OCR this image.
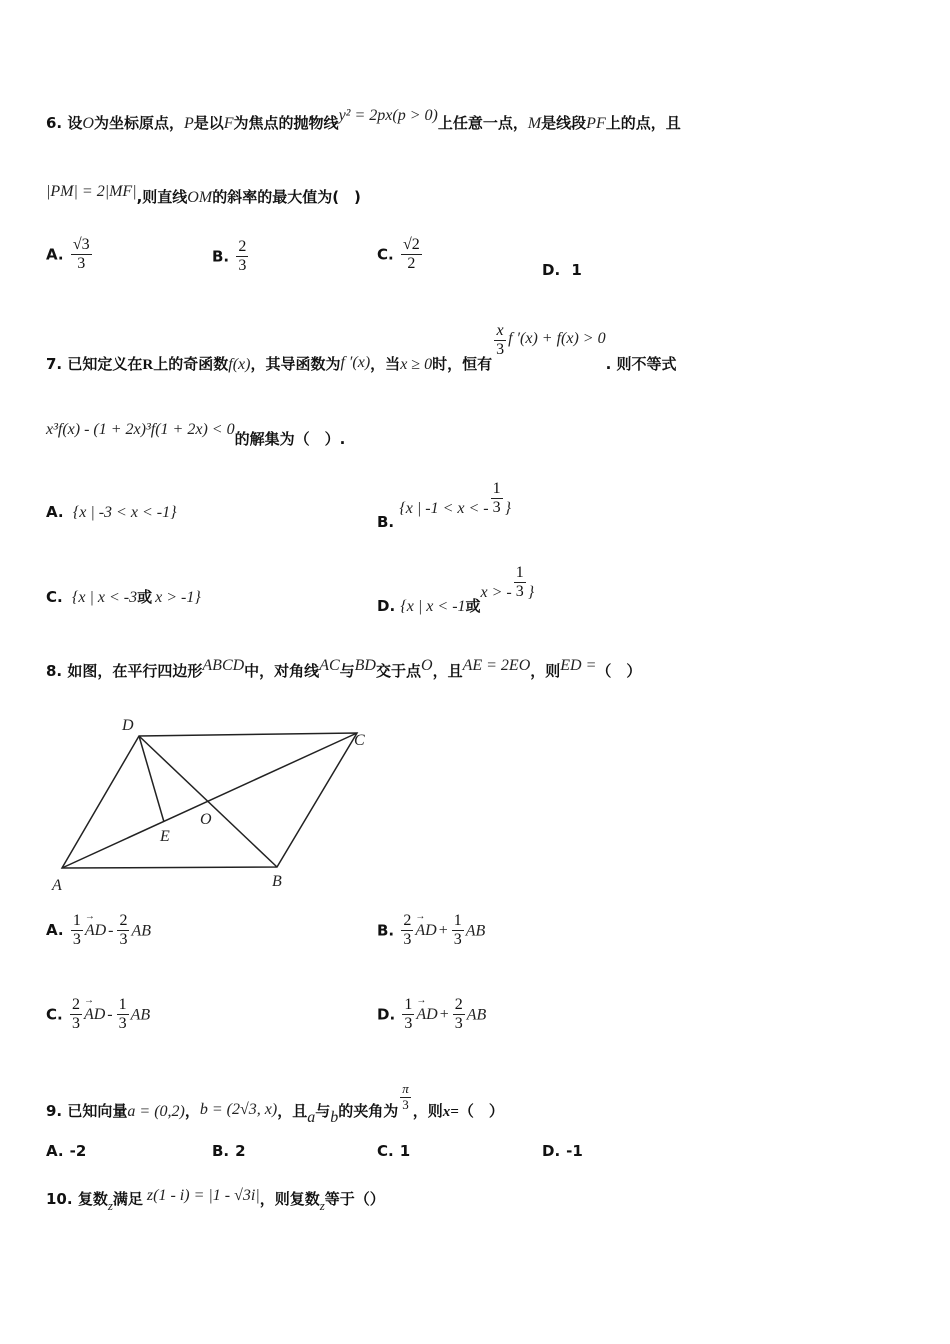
6. 设O为坐标原点，P是以F为焦点的抛物线y² = 2px(p > 0)上任意一点，M是线段PF上的点，且
|PM| = 2|MF|,则直线OM的斜率的最大值为(　)
A. $\frac{√3}{3}$	B. $\frac{2}{3}$	C. $\frac{√2}{2}$	D. 1
7. 已知定义在R上的奇函数f(x)，其导函数为f ′(x)，当x ≥ 0时，恒有
$\frac{x}{3}$ f ′(x) + f(x) > 0. 则不等式
x³f(x) - (1 + 2x)³f(1 + 2x) < 0的解集为（　）.
A. {x | -3 < x < -1}
B. {x | -1 < x < - $\frac{1}{3}$ }
C. {x | x < -3或 x > -1}	D. {x | x < -1或x > - $\frac{1}{3}$ }
8. 如图，在平行四边形ABCD中，对角线AC与BD交于点O，且AE = 2EO，则ED =（　）
D
C
O
E
A	B
A. $\frac{1}{3}$ →
AD - $\frac{2}{3}$ AB	B. $\frac{2}{3}$ →
AD + $\frac{1}{3}$ AB
C. $\frac{2}{3}$ →
AD - $\frac{1}{3}$ AB	D. $\frac{1}{3}$ →
AD + $\frac{2}{3}$ AB
9. 已知向量a = (0,2)，b = (2√3, x)，且a与b的夹角为 $\frac{\pi}{3}$ ，则x=（　）
A. -2	B. 2	C. 1	D. -1
10. 复数z满足 z(1 - i) = |1 - √3i|，则复数z等于（）
